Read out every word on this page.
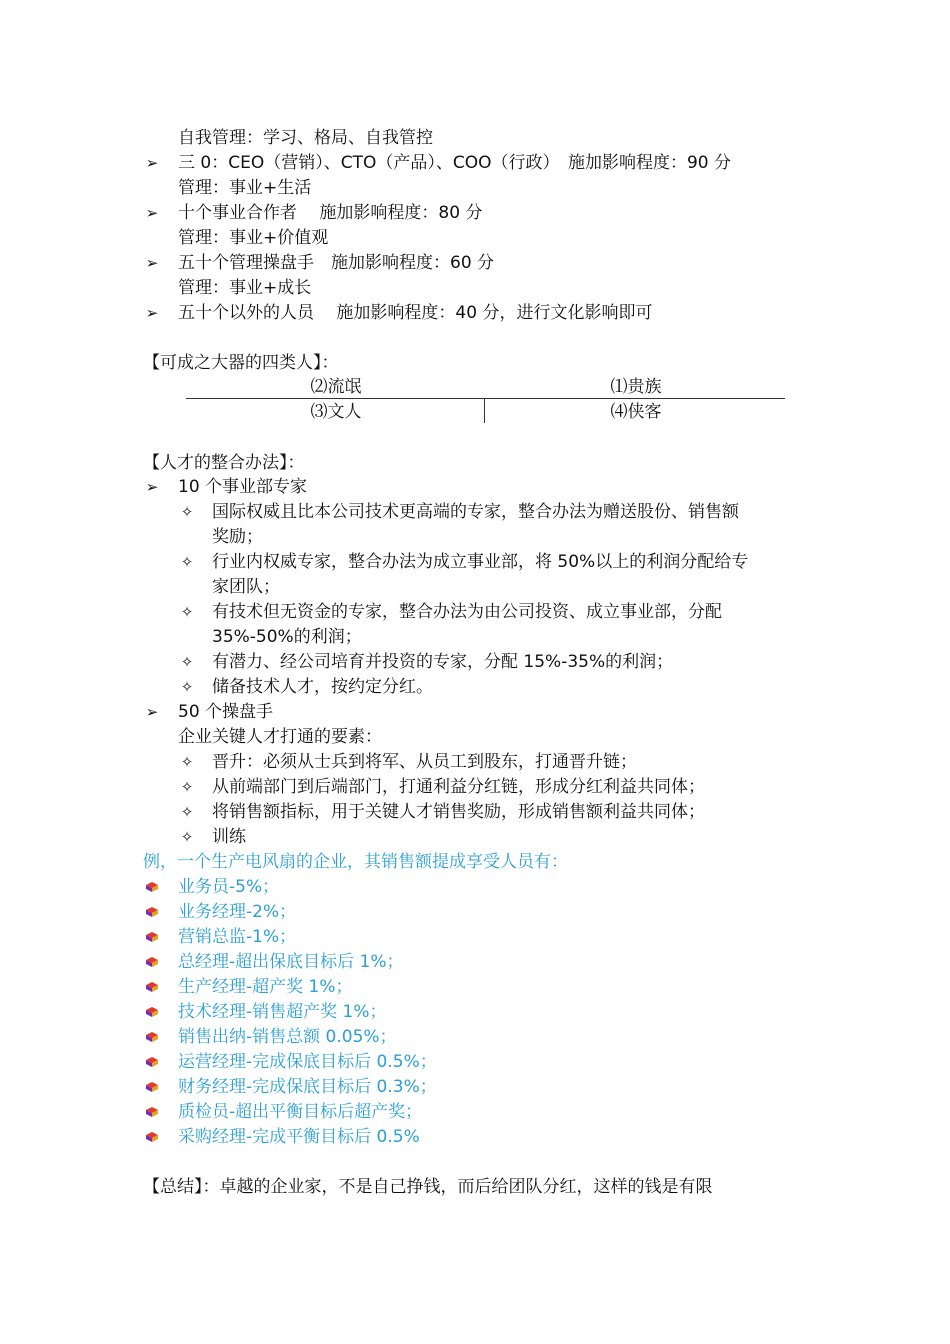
自我管理：学习、格局、自我管控
➢ 三 0：CEO（营销）、CTO（产品）、COO（行政）　施加影响程度：90 分
管理：事业+生活
➢ 十个事业合作者　 施加影响程度：80 分
管理：事业+价值观
➢ 五十个管理操盘手　施加影响程度：60 分
管理：事业+成长
➢ 五十个以外的人员　 施加影响程度：40 分，进行文化影响即可
【可成之大器的四类人】：
⑵流氓	⑴贵族
⑶文人	⑷侠客
【人才的整合办法】：
➢ 10 个事业部专家
✧ 国际权威且比本公司技术更高端的专家，整合办法为赠送股份、销售额
奖励；
✧ 行业内权威专家，整合办法为成立事业部，将 50%以上的利润分配给专
家团队；
✧ 有技术但无资金的专家，整合办法为由公司投资、成立事业部，分配
35%-50%的利润；
✧ 有潜力、经公司培育并投资的专家，分配 15%-35%的利润；
✧ 储备技术人才，按约定分红。
➢ 50 个操盘手
企业关键人才打通的要素：
✧ 晋升：必须从士兵到将军、从员工到股东，打通晋升链；
✧ 从前端部门到后端部门，打通利益分红链，形成分红利益共同体；
✧ 将销售额指标，用于关键人才销售奖励，形成销售额利益共同体；
✧ 训练
例，一个生产电风扇的企业，其销售额提成享受人员有：
业务员-5%；
业务经理-2%；
营销总监-1%；
总经理-超出保底目标后 1%；
生产经理-超产奖 1%；
技术经理-销售超产奖 1%；
销售出纳-销售总额 0.05%；
运营经理-完成保底目标后 0.5%；
财务经理-完成保底目标后 0.3%；
质检员-超出平衡目标后超产奖；
采购经理-完成平衡目标后 0.5%
【总结】：卓越的企业家，不是自己挣钱，而后给团队分红，这样的钱是有限
